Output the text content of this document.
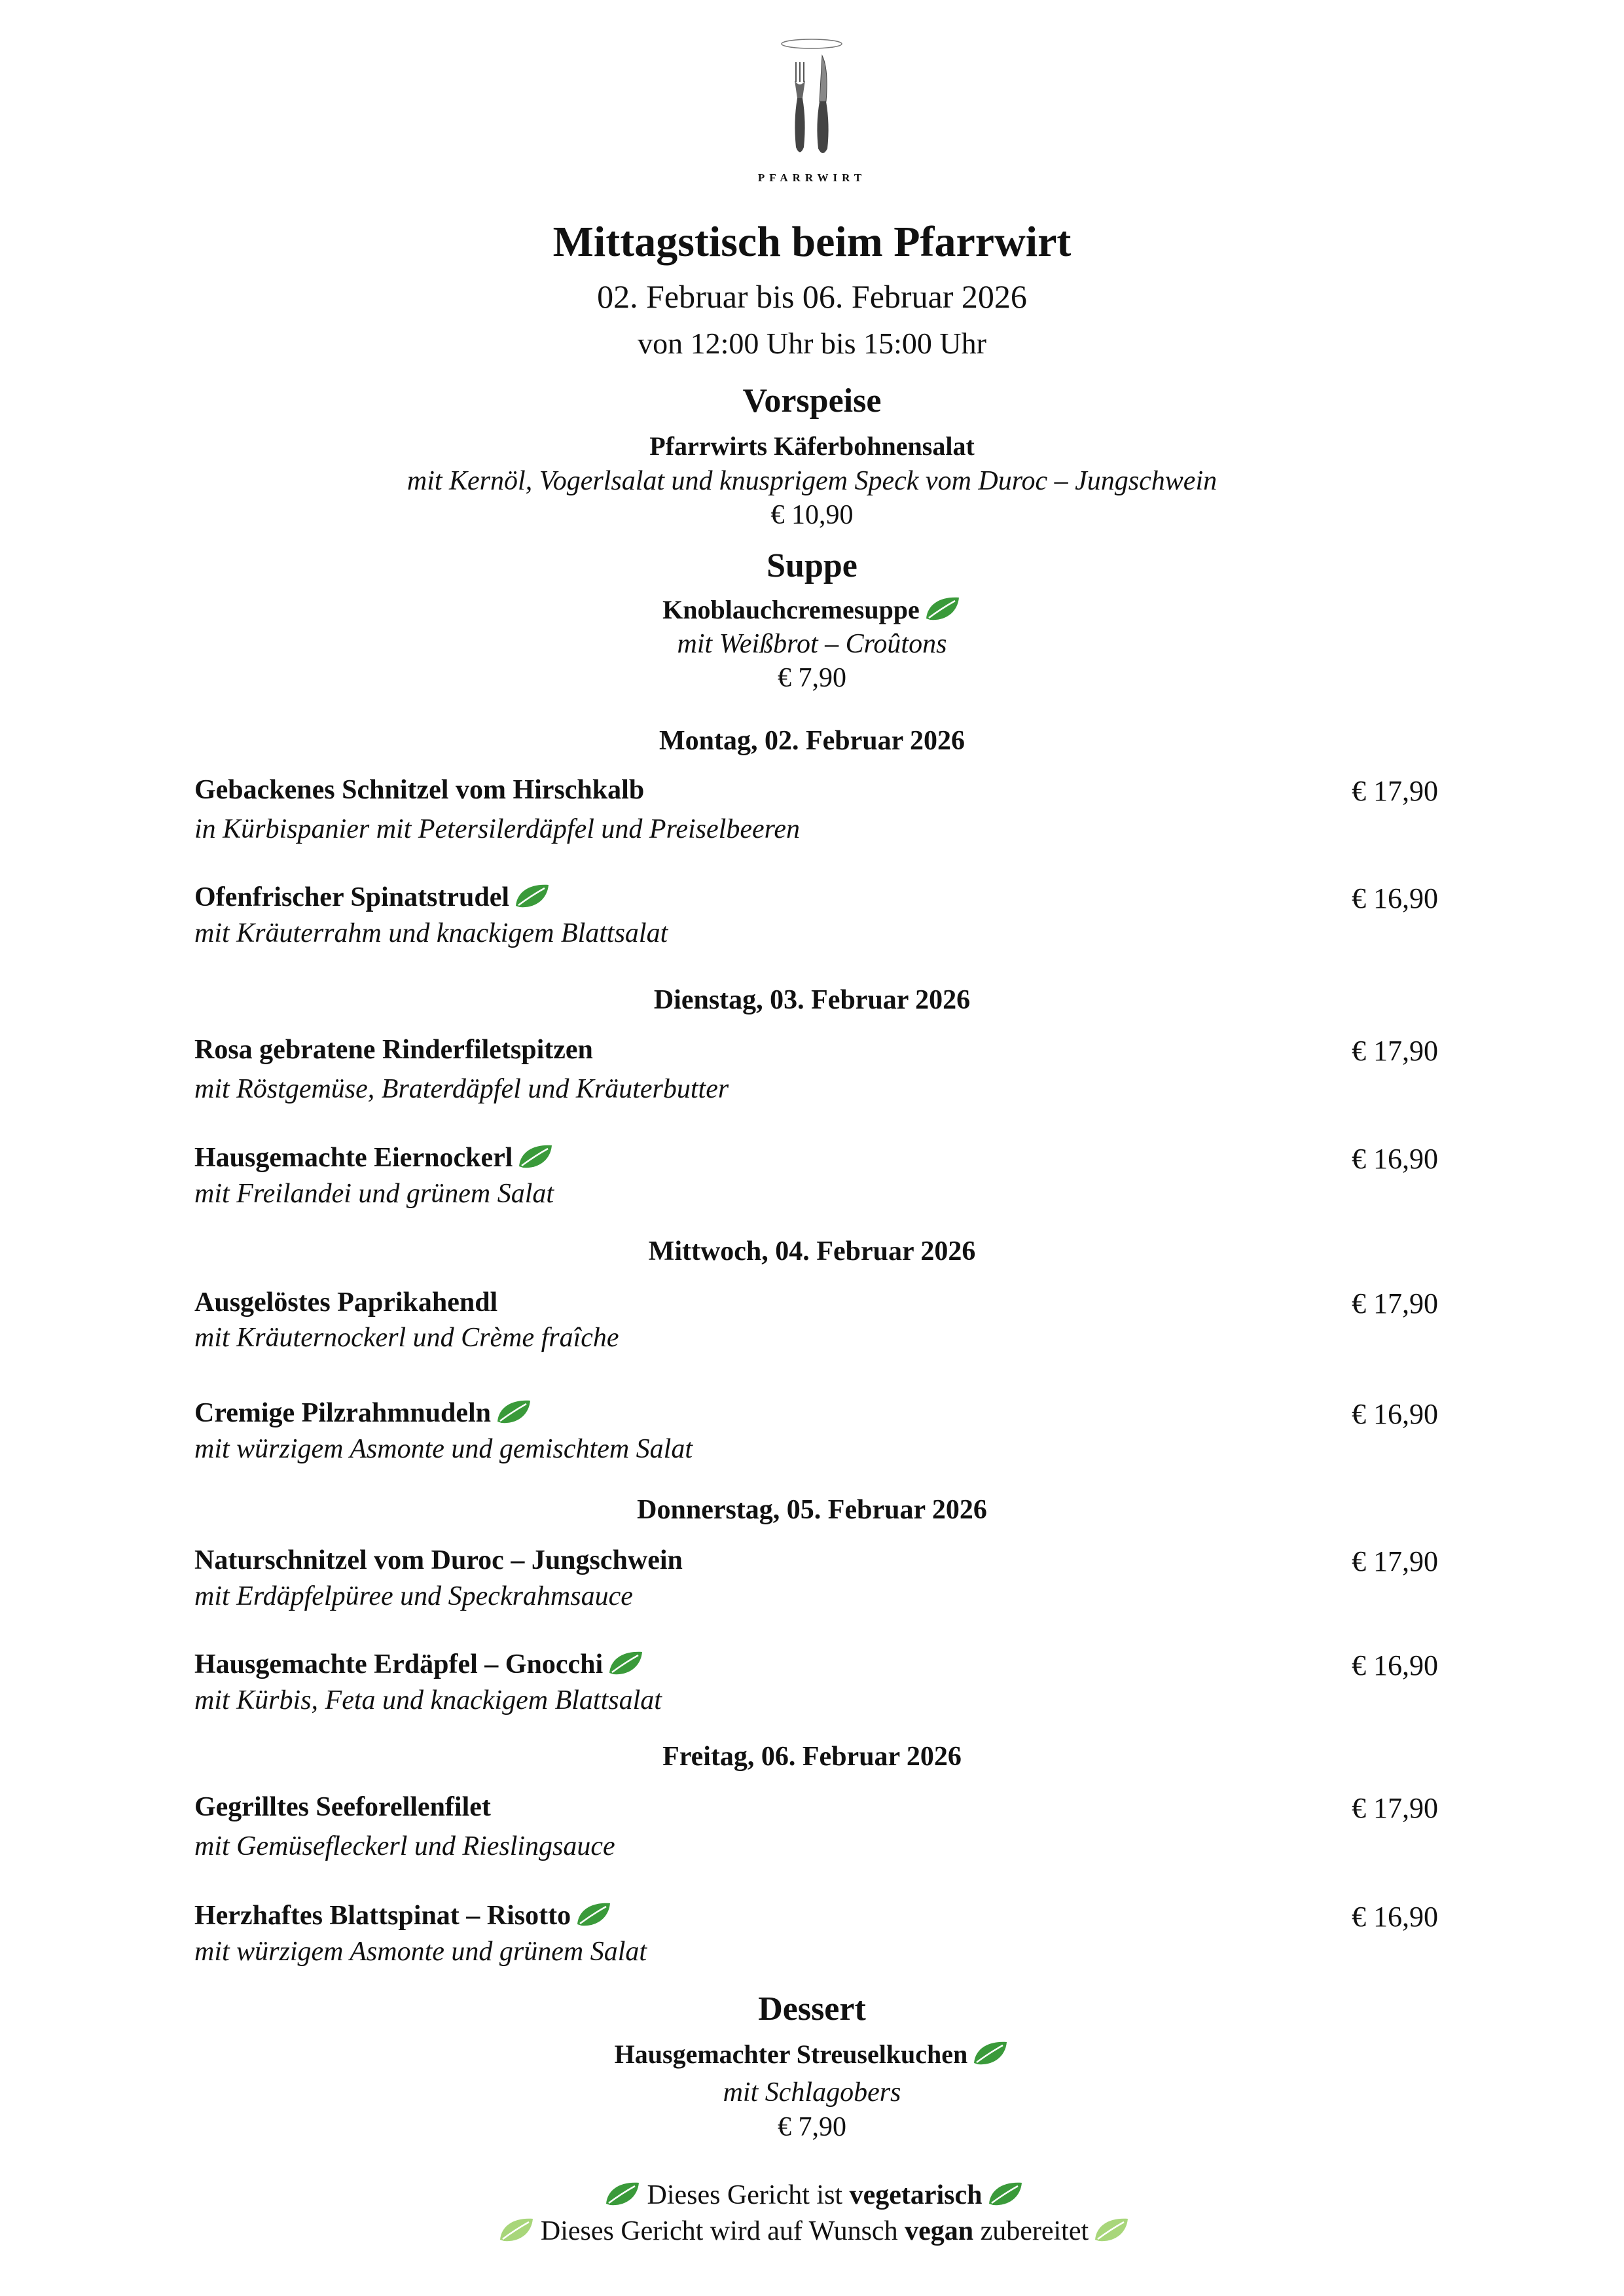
PFARRWIRT
Mittagstisch beim Pfarrwirt
02. Februar bis 06. Februar 2026
von 12:00 Uhr bis 15:00 Uhr
Vorspeise
Pfarrwirts Käferbohnensalat
mit Kernöl, Vogerlsalat und knusprigem Speck vom Duroc – Jungschwein
€ 10,90
Suppe
Knoblauchcremesuppe
mit Weißbrot – Croûtons
€ 7,90
Montag, 02. Februar 2026
Gebackenes Schnitzel vom Hirschkalb	€ 17,90
in Kürbispanier mit Petersilerdäpfel und Preiselbeeren
Ofenfrischer Spinatstrudel	€ 16,90
mit Kräuterrahm und knackigem Blattsalat
Dienstag, 03. Februar 2026
Rosa gebratene Rinderfiletspitzen	€ 17,90
mit Röstgemüse, Braterdäpfel und Kräuterbutter
Hausgemachte Eiernockerl	€ 16,90
mit Freilandei und grünem Salat
Mittwoch, 04. Februar 2026
Ausgelöstes Paprikahendl	€ 17,90
mit Kräuternockerl und Crème fraîche
Cremige Pilzrahmnudeln	€ 16,90
mit würzigem Asmonte und gemischtem Salat
Donnerstag, 05. Februar 2026
Naturschnitzel vom Duroc – Jungschwein	€ 17,90
mit Erdäpfelpüree und Speckrahmsauce
Hausgemachte Erdäpfel – Gnocchi	€ 16,90
mit Kürbis, Feta und knackigem Blattsalat
Freitag, 06. Februar 2026
Gegrilltes Seeforellenfilet	€ 17,90
mit Gemüsefleckerl und Rieslingsauce
Herzhaftes Blattspinat – Risotto	€ 16,90
mit würzigem Asmonte und grünem Salat
Dessert
Hausgemachter Streuselkuchen
mit Schlagobers
€ 7,90
Dieses Gericht ist vegetarisch
Dieses Gericht wird auf Wunsch vegan zubereitet
